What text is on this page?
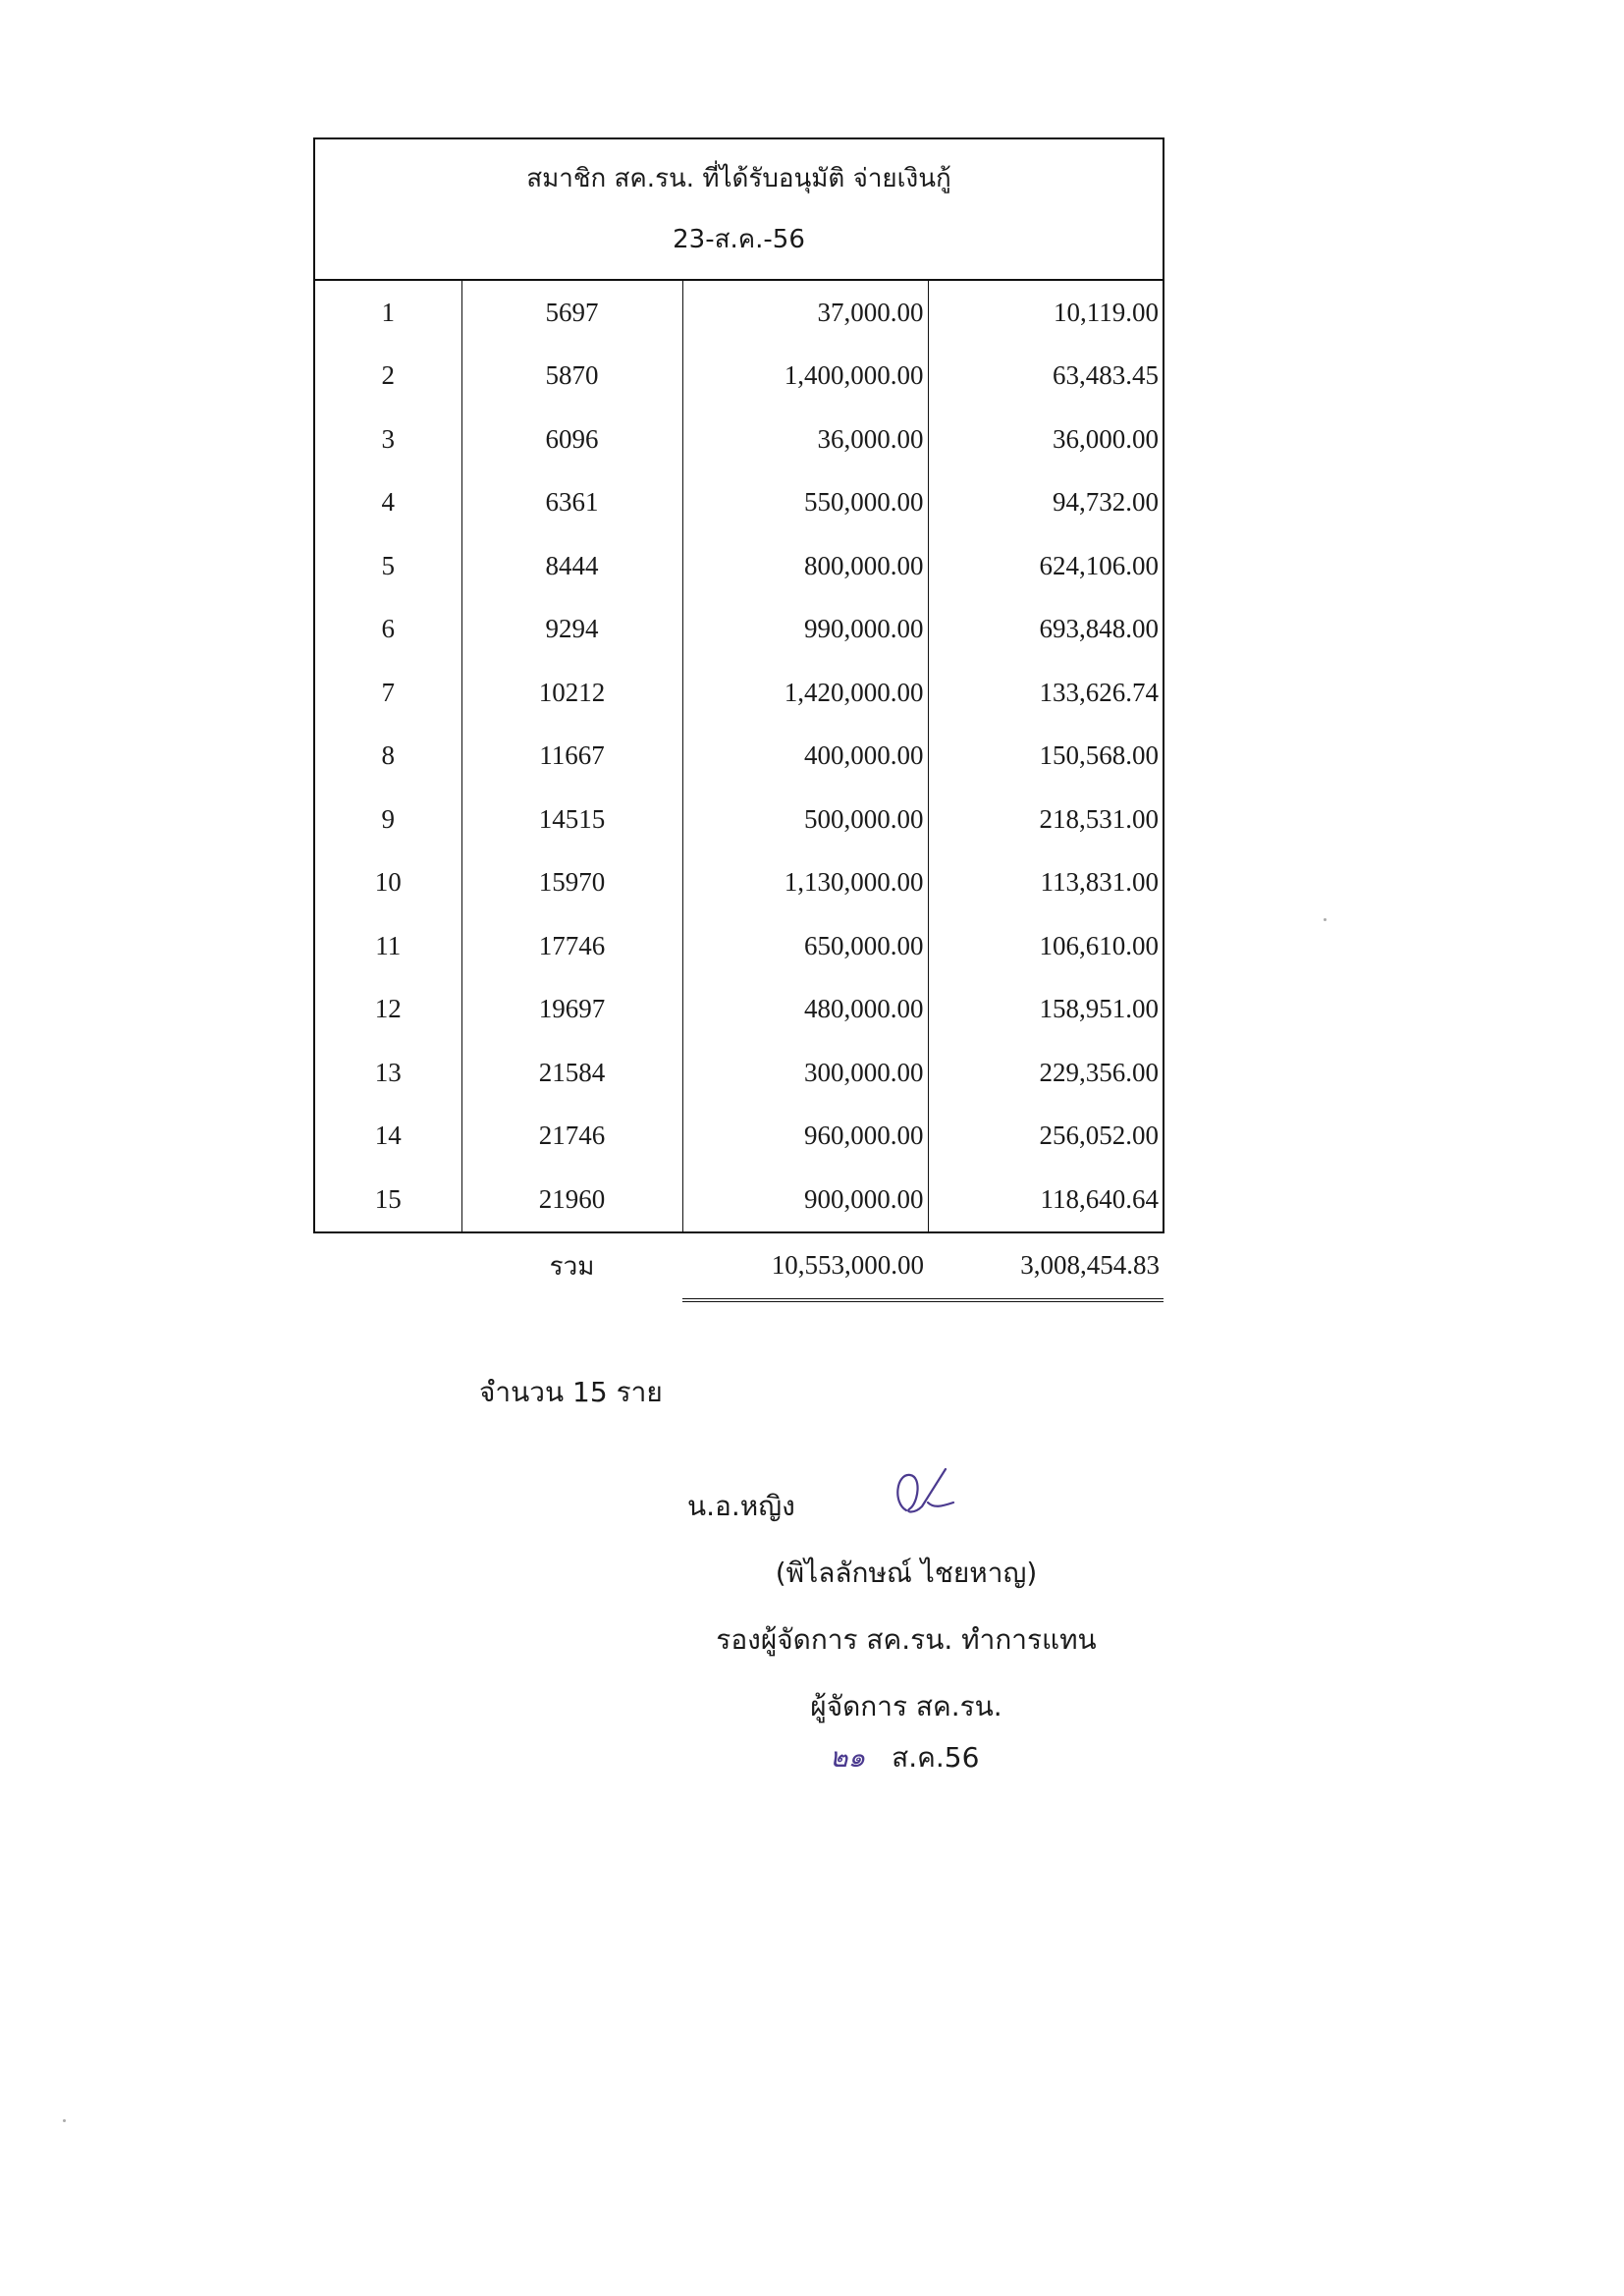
สมาชิก สค.รน. ที่ได้รับอนุมัติ จ่ายเงินกู้
23-ส.ค.-56			

1	5697	37,000.00	10,119.00
2	5870	1,400,000.00	63,483.45
3	6096	36,000.00	36,000.00
4	6361	550,000.00	94,732.00
5	8444	800,000.00	624,106.00
6	9294	990,000.00	693,848.00
7	10212	1,420,000.00	133,626.74
8	11667	400,000.00	150,568.00
9	14515	500,000.00	218,531.00
10	15970	1,130,000.00	113,831.00
11	17746	650,000.00	106,610.00
12	19697	480,000.00	158,951.00
13	21584	300,000.00	229,356.00
14	21746	960,000.00	256,052.00
15	21960	900,000.00	118,640.64
	รวม	10,553,000.00	3,008,454.83
จำนวน 15 ราย
น.อ.หญิง
(พิไลลักษณ์ ไชยหาญ)
รองผู้จัดการ สค.รน. ทำการแทน
ผู้จัดการ สค.รน.
๒๑ ส.ค.56
